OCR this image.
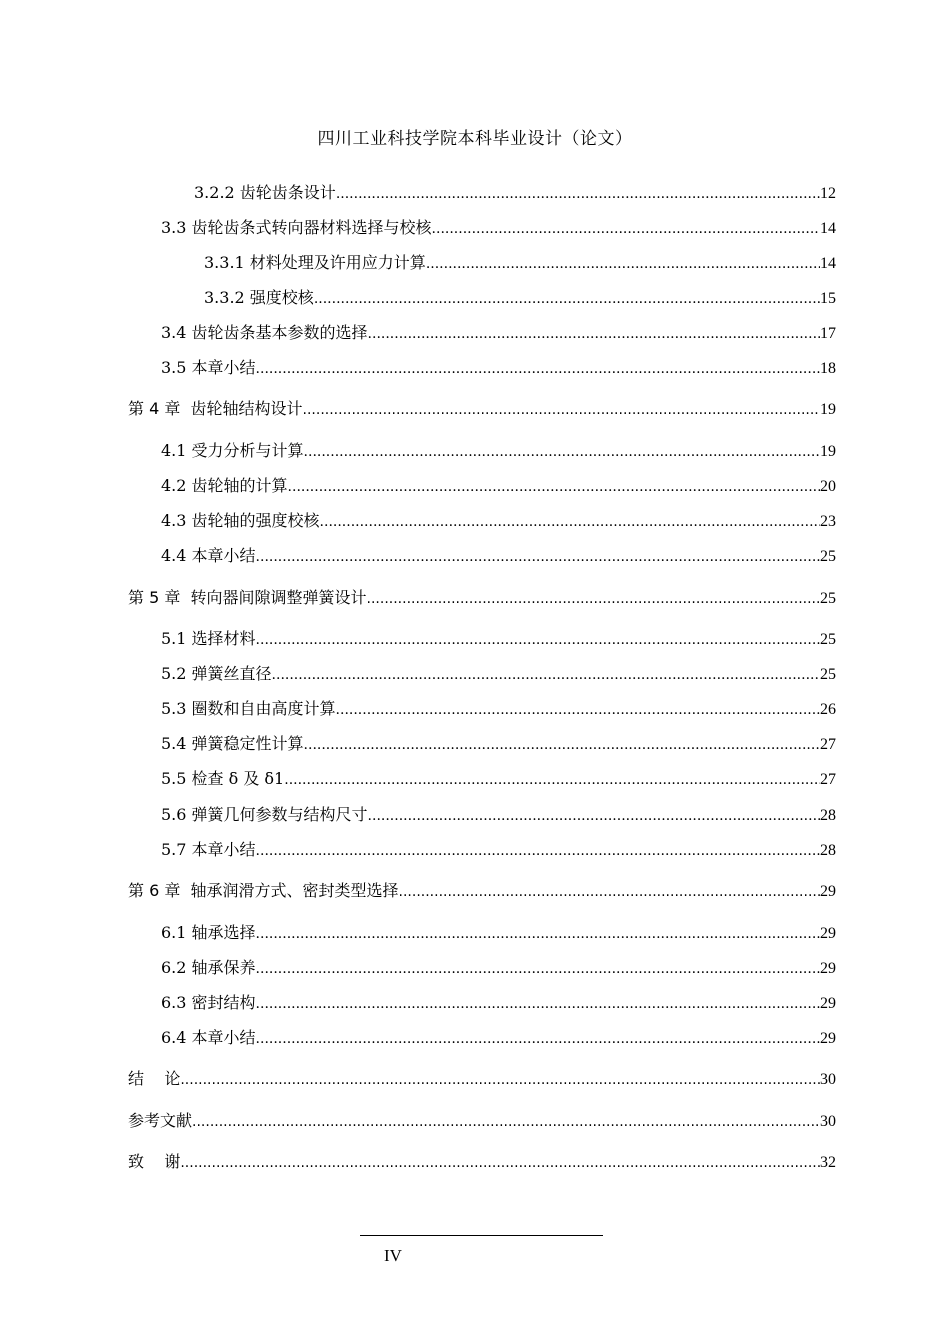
四川工业科技学院本科毕业设计（论文）
3.2.2 齿轮齿条设计 .....	12
3.3 齿轮齿条式转向器材料选择与校核 .....	14
3.3.1 材料处理及许用应力计算 .....	14
3.3.2 强度校核 .....	15
3.4 齿轮齿条基本参数的选择 .....	17
3.5 本章小结 .....	18
第 4 章  齿轮轴结构设计 .....	19
4.1 受力分析与计算 .....	19
4.2 齿轮轴的计算 .....	20
4.3 齿轮轴的强度校核 .....	23
4.4 本章小结 .....	25
第 5 章  转向器间隙调整弹簧设计 .....	25
5.1 选择材料 .....	25
5.2 弹簧丝直径 .....	25
5.3 圈数和自由高度计算 .....	26
5.4 弹簧稳定性计算 .....	27
5.5 检查 δ 及 δ1 .....	27
5.6 弹簧几何参数与结构尺寸 .....	28
5.7 本章小结 .....	28
第 6 章  轴承润滑方式、密封类型选择 .....	29
6.1 轴承选择 .....	29
6.2 轴承保养 .....	29
6.3 密封结构 .....	29
6.4 本章小结 .....	29
结    论 .....	30
参考文献 .....	30
致    谢 .....	32
IV
